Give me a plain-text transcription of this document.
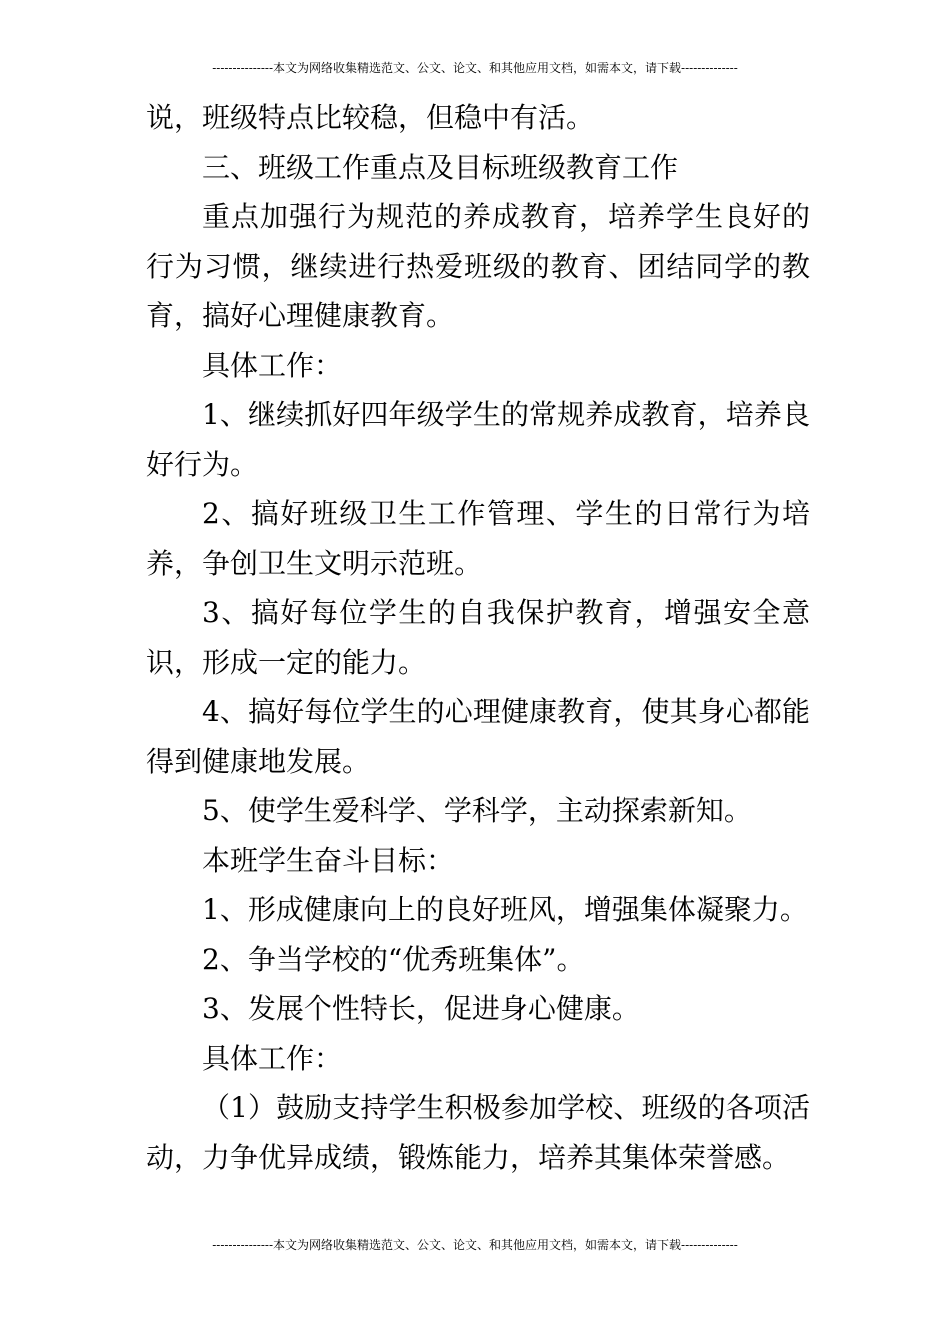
---------------本文为网络收集精选范文、公文、论文、和其他应用文档，如需本文，请下载--------------

说，班级特点比较稳，但稳中有活。

三、班级工作重点及目标班级教育工作

重点加强行为规范的养成教育，培养学生良好的行为习惯，继续进行热爱班级的教育、团结同学的教育，搞好心理健康教育。

具体工作：

1、继续抓好四年级学生的常规养成教育，培养良好行为。

2、搞好班级卫生工作管理、学生的日常行为培养，争创卫生文明示范班。

3、搞好每位学生的自我保护教育，增强安全意识，形成一定的能力。

4、搞好每位学生的心理健康教育，使其身心都能得到健康地发展。

5、使学生爱科学、学科学，主动探索新知。

本班学生奋斗目标：

1、形成健康向上的良好班风，增强集体凝聚力。

2、争当学校的“优秀班集体”。

3、发展个性特长，促进身心健康。

具体工作：

（1）鼓励支持学生积极参加学校、班级的各项活动，力争优异成绩，锻炼能力，培养其集体荣誉感。

---------------本文为网络收集精选范文、公文、论文、和其他应用文档，如需本文，请下载--------------
